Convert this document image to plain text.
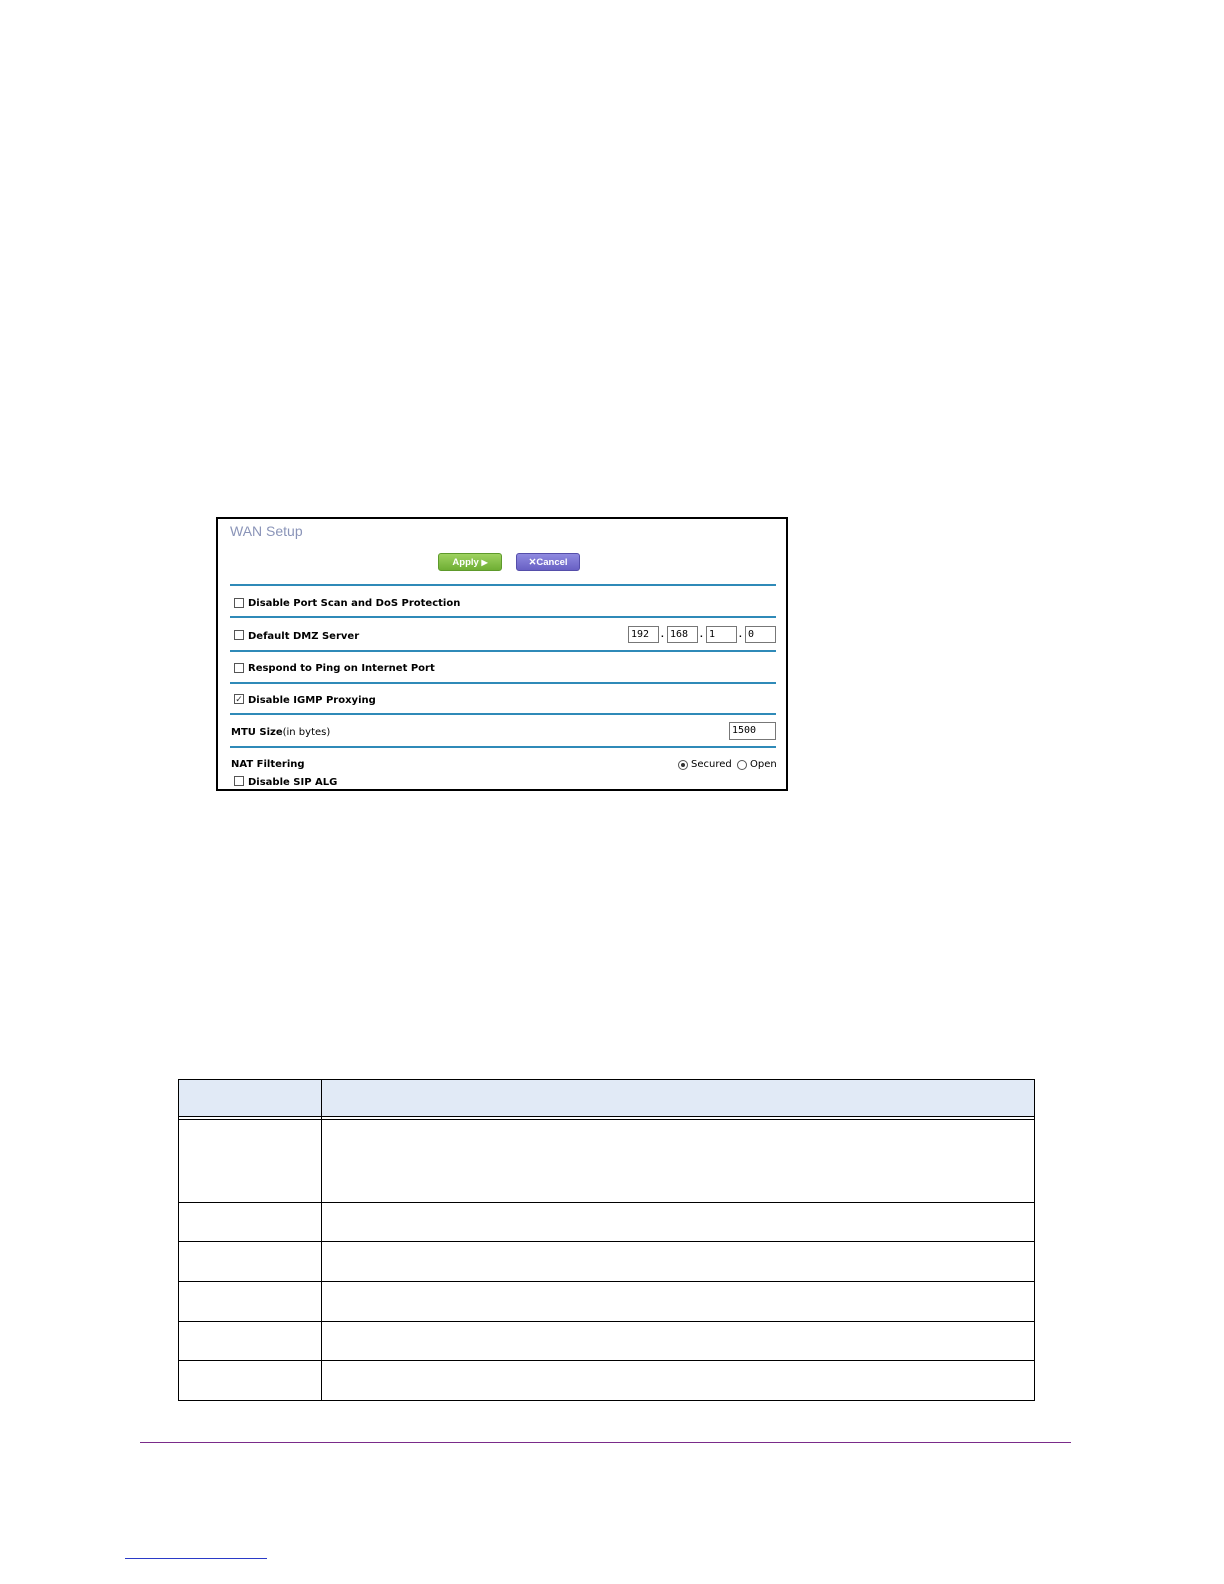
WAN Setup
Apply ▶	✕Cancel
Disable Port Scan and DoS Protection
Default DMZ Server	192	. 168	. 1	. 0
Respond to Ping on Internet Port
✓ Disable IGMP Proxying
MTU Size(in bytes)	1500
NAT Filtering	Secured Open
Disable SIP ALG
